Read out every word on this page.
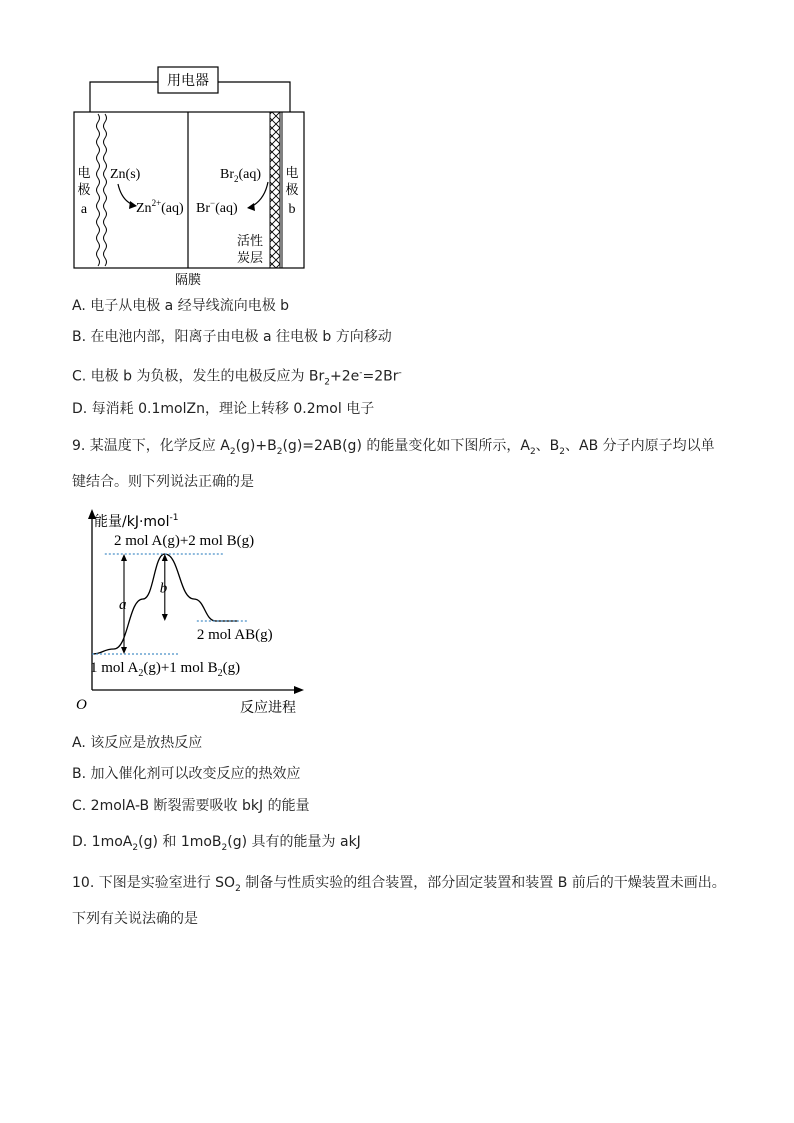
用电器
电
极
a
电
极
b
Zn(s)
$Zn^{2+}(aq)$
$Br_2(aq)$
Br−(aq)
活性
炭层
隔膜
A. 电子从电极 a 经导线流向电极 b
B. 在电池内部，阳离子由电极 a 往电极 b 方向移动
C. 电极 b 为负极，发生的电极反应为 $Br_2+2e^-=2Br^-$
D. 每消耗 0.1molZn，理论上转移 0.2mol 电子
9. 某温度下，化学反应 $A_2(g)+B_2(g)=2AB(g)$ 的能量变化如下图所示，$A_2$、$B_2$、AB 分子内原子均以单
键结合。则下列说法正确的是
能量/kJ·mol$^{-1}$
反应进程
O
a
b
2 mol A(g)+2 mol B(g)
2 mol AB(g)
1 mol $A_2(g)+1$ mol $B_2(g)$
A. 该反应是放热反应
B. 加入催化剂可以改变反应的热效应
C. 2molA-B 断裂需要吸收 bkJ 的能量
D. 1moA$_2$(g) 和 1moB$_2$(g) 具有的能量为 akJ
10. 下图是实验室进行 $SO_2$ 制备与性质实验的组合装置，部分固定装置和装置 B 前后的干燥装置未画出。
下列有关说法确的是
